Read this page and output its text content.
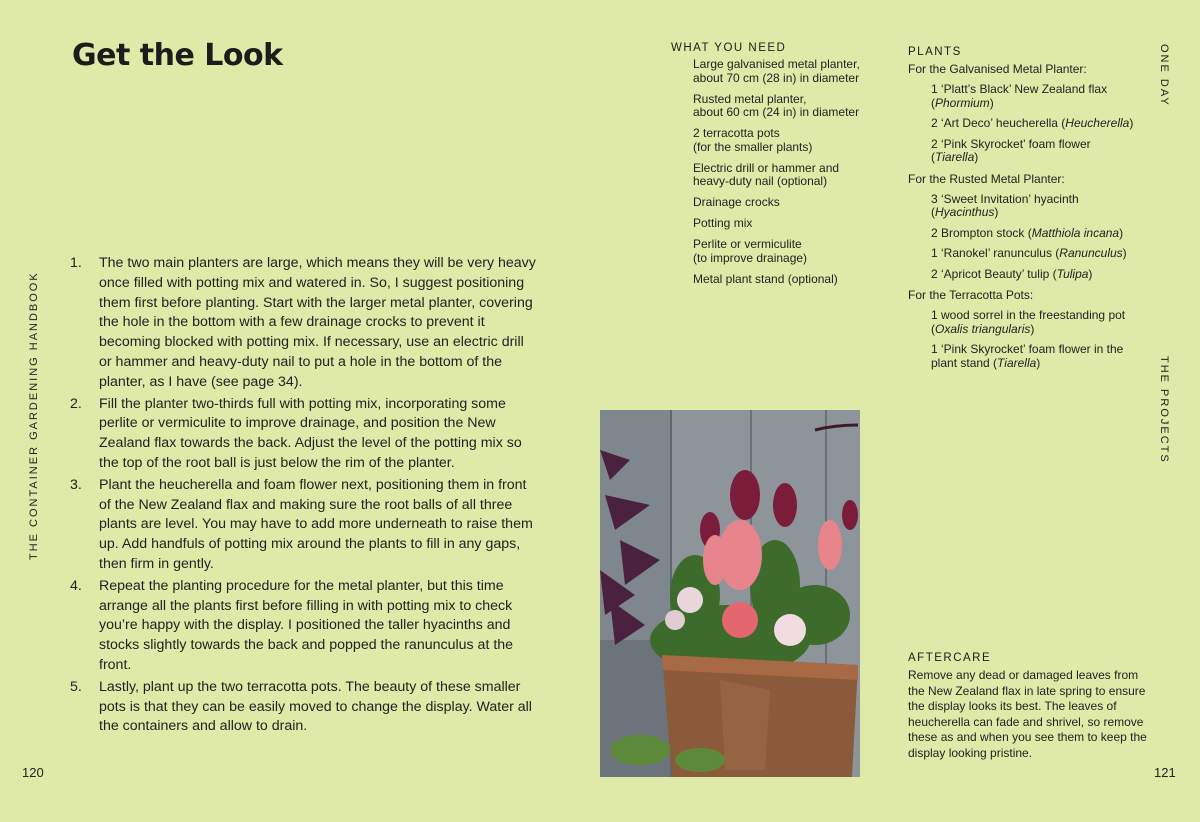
Get the Look
THE CONTAINER GARDENING HANDBOOK
ONE DAY
THE PROJECTS
120	121
1.	The two main planters are large, which means they will be very heavy once filled with potting mix and watered in. So, I suggest positioning them first before planting. Start with the larger metal planter, covering the hole in the bottom with a few drainage crocks to prevent it becoming blocked with potting mix. If necessary, use an electric drill or hammer and heavy-duty nail to put a hole in the bottom of the planter, as I have (see page 34).
2.	Fill the planter two-thirds full with potting mix, incorporating some perlite or vermiculite to improve drainage, and position the New Zealand flax towards the back. Adjust the level of the potting mix so the top of the root ball is just below the rim of the planter.
3.	Plant the heucherella and foam flower next, positioning them in front of the New Zealand flax and making sure the root balls of all three plants are level. You may have to add more underneath to raise them up. Add handfuls of potting mix around the plants to fill in any gaps, then firm in gently.
4.	Repeat the planting procedure for the metal planter, but this time arrange all the plants first before filling in with potting mix to check you’re happy with the display. I positioned the taller hyacinths and stocks slightly towards the back and popped the ranunculus at the front.
5.	Lastly, plant up the two terracotta pots. The beauty of these smaller pots is that they can be easily moved to change the display. Water all the containers and allow to drain.
WHAT YOU NEED
Large galvanised metal planter,
about 70 cm (28 in) in diameter
Rusted metal planter,
about 60 cm (24 in) in diameter
2 terracotta pots
(for the smaller plants)
Electric drill or hammer and
heavy-duty nail (optional)
Drainage crocks
Potting mix
Perlite or vermiculite
(to improve drainage)
Metal plant stand (optional)
PLANTS
For the Galvanised Metal Planter:
1 ‘Platt’s Black’ New Zealand flax (Phormium)
2 ‘Art Deco’ heucherella (Heucherella)
2 ‘Pink Skyrocket’ foam flower (Tiarella)
For the Rusted Metal Planter:
3 ‘Sweet Invitation’ hyacinth (Hyacinthus)
2 Brompton stock (Matthiola incana)
1 ‘Ranokel’ ranunculus (Ranunculus)
2 ‘Apricot Beauty’ tulip (Tulipa)
For the Terracotta Pots:
1 wood sorrel in the freestanding pot (Oxalis triangularis)
1 ‘Pink Skyrocket’ foam flower in the plant stand (Tiarella)
AFTERCARE

Remove any dead or damaged leaves from the New Zealand flax in late spring to ensure the display looks its best. The leaves of heucherella can fade and shrivel, so remove these as and when you see them to keep the display looking pristine.
